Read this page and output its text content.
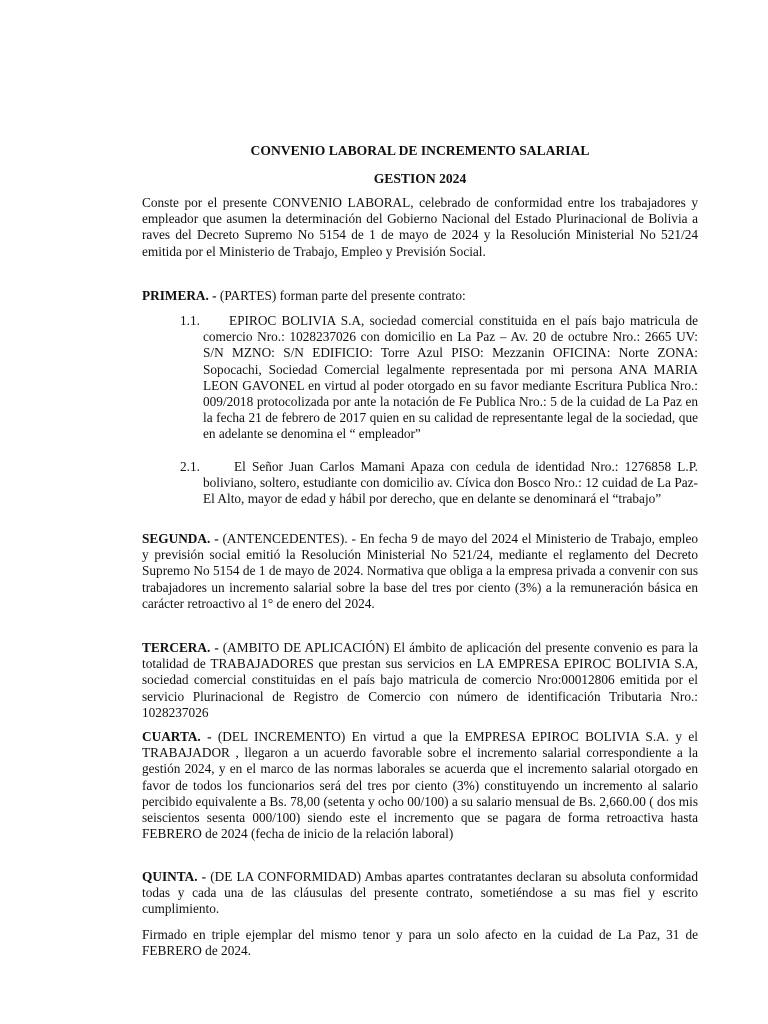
CONVENIO LABORAL DE INCREMENTO SALARIAL
GESTION 2024
Conste por el presente CONVENIO LABORAL, celebrado de conformidad entre los trabajadores y empleador que asumen la determinación del Gobierno Nacional del Estado Plurinacional de Bolivia a raves del Decreto Supremo No 5154 de 1 de mayo de 2024 y la Resolución Ministerial No 521/24 emitida por el Ministerio de Trabajo, Empleo y Previsión Social.
PRIMERA. - (PARTES) forman parte del presente contrato:
1.1.	EPIROC BOLIVIA S.A, sociedad comercial constituida en el país bajo matricula de comercio Nro.: 1028237026 con domicilio en La Paz – Av. 20 de octubre Nro.: 2665 UV: S/N MZNO: S/N EDIFICIO: Torre Azul PISO: Mezzanin OFICINA: Norte ZONA: Sopocachi, Sociedad Comercial legalmente representada por mi persona ANA MARIA LEON GAVONEL en virtud al poder otorgado en su favor mediante Escritura Publica Nro.: 009/2018 protocolizada por ante la notación de Fe Publica Nro.: 5 de la cuidad de La Paz en la fecha 21 de febrero de 2017 quien en su calidad de representante legal de la sociedad, que en adelante se denomina el “ empleador”
2.1.	El Señor Juan Carlos Mamani Apaza con cedula de identidad Nro.: 1276858 L.P. boliviano, soltero, estudiante con domicilio av. Cívica don Bosco Nro.: 12 cuidad de La Paz- El Alto, mayor de edad y hábil por derecho, que en delante se denominará el “trabajo”
SEGUNDA. - (ANTENCEDENTES). - En fecha 9 de mayo del 2024 el Ministerio de Trabajo, empleo y previsión social emitió la Resolución Ministerial No 521/24, mediante el reglamento del Decreto Supremo No 5154 de 1 de mayo de 2024. Normativa que obliga a la empresa privada a convenir con sus trabajadores un incremento salarial sobre la base del tres por ciento (3%) a la remuneración básica en carácter retroactivo al 1° de enero del 2024.
TERCERA. - (AMBITO DE APLICACIÓN) El ámbito de aplicación del presente convenio es para la totalidad de TRABAJADORES que prestan sus servicios en LA EMPRESA EPIROC BOLIVIA S.A, sociedad comercial constituidas en el país bajo matricula de comercio Nro:00012806 emitida por el servicio Plurinacional de Registro de Comercio con número de identificación Tributaria Nro.: 1028237026
CUARTA. - (DEL INCREMENTO) En virtud a que la EMPRESA EPIROC BOLIVIA S.A. y el TRABAJADOR , llegaron a un acuerdo favorable sobre el incremento salarial correspondiente a la gestión 2024, y en el marco de las normas laborales se acuerda que el incremento salarial otorgado en favor de todos los funcionarios será del tres por ciento (3%) constituyendo un incremento al salario percibido equivalente a Bs. 78,00 (setenta y ocho 00/100) a su salario mensual de Bs. 2,660.00 ( dos mis seiscientos sesenta 000/100) siendo este el incremento que se pagara de forma retroactiva hasta FEBRERO de 2024 (fecha de inicio de la relación laboral)
QUINTA. - (DE LA CONFORMIDAD) Ambas apartes contratantes declaran su absoluta conformidad todas y cada una de las cláusulas del presente contrato, sometiéndose a su mas fiel y escrito cumplimiento.
Firmado en triple ejemplar del mismo tenor y para un solo afecto en la cuidad de La Paz, 31 de FEBRERO de 2024.
